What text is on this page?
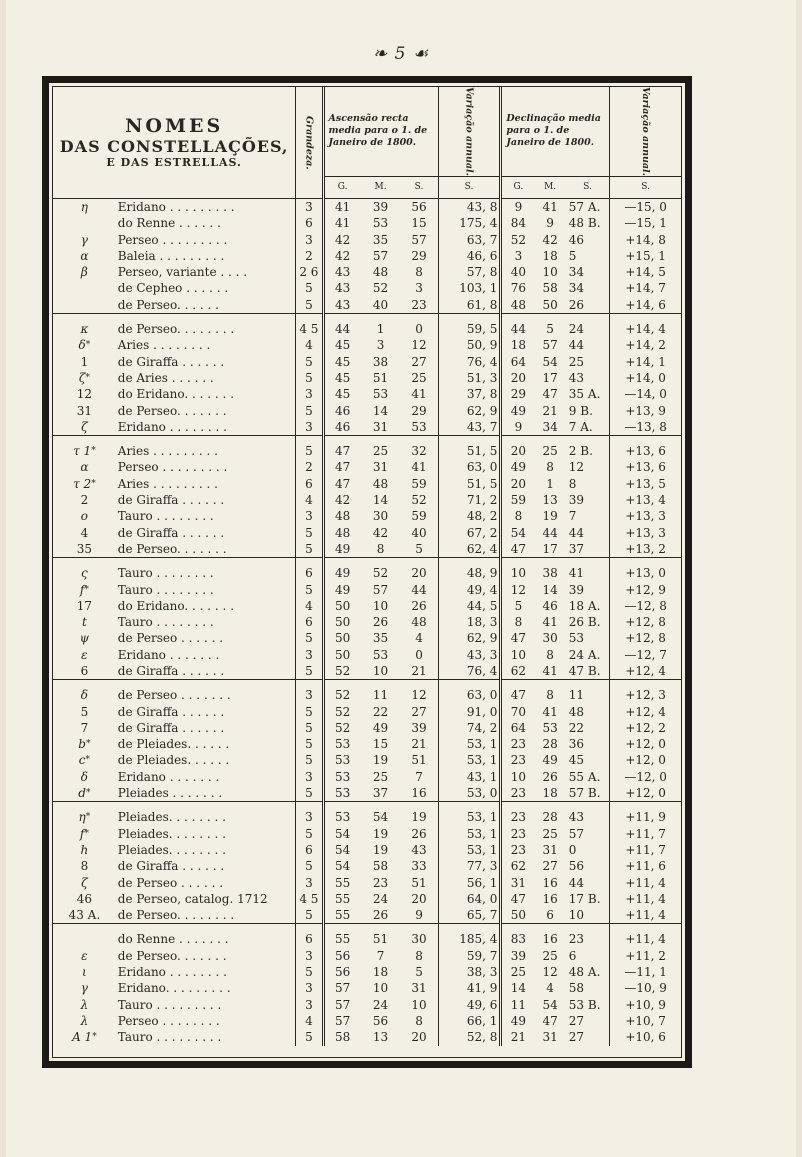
❧ 5 ☙
NOMES
DAS CONSTELLAÇÕES,
E DAS ESTRELLAS.		Grandeza.	Ascensão recta media para o 1. de Janeiro de 1800.			Variação annual.	Declinação media para o 1. de Janeiro de 1800.			Variação annual.

			G.	M.	S.	S.	G.	M.	S.	S.
η	Eridano . . . . . . . . .	3	41	39	56	43, 8	9	41	57 A.	—15, 0
	do Renne . . . . . .	6	41	53	15	175, 4	84	9	48 B.	—15, 1
γ	Perseo . . . . . . . . .	3	42	35	57	63, 7	52	42	46	+14, 8
α	Baleia . . . . . . . . .	2	42	57	29	46, 6	3	18	5	+15, 1
β	Perseo, variante . . . .	2 6	43	48	8	57, 8	40	10	34	+14, 5
	de Cepheo . . . . . .	5	43	52	3	103, 1	76	58	34	+14, 7
	de Perseo. . . . . .	5	43	40	23	61, 8	48	50	26	+14, 6

κ	de Perseo. . . . . . . .	4 5	44	1	0	59, 5	44	5	24	+14, 4
δ*	Aries . . . . . . . .	4	45	3	12	50, 9	18	57	44	+14, 2
1	de Giraffa . . . . . .	5	45	38	27	76, 4	64	54	25	+14, 1
ζ*	de Aries . . . . . .	5	45	51	25	51, 3	20	17	43	+14, 0
12	do Eridano. . . . . . .	3	45	53	41	37, 8	29	47	35 A.	—14, 0
31	de Perseo. . . . . . .	5	46	14	29	62, 9	49	21	9 B.	+13, 9
ζ	Eridano . . . . . . . .	3	46	31	53	43, 7	9	34	7 A.	—13, 8

τ 1*	Aries . . . . . . . . .	5	47	25	32	51, 5	20	25	2 B.	+13, 6
α	Perseo . . . . . . . . .	2	47	31	41	63, 0	49	8	12	+13, 6
τ 2*	Aries . . . . . . . . .	6	47	48	59	51, 5	20	1	8	+13, 5
2	de Giraffa . . . . . .	4	42	14	52	71, 2	59	13	39	+13, 4
ο	Tauro . . . . . . . .	3	48	30	59	48, 2	8	19	7	+13, 3
4	de Giraffa . . . . . .	5	48	42	40	67, 2	54	44	44	+13, 3
35	de Perseo. . . . . . .	5	49	8	5	62, 4	47	17	37	+13, 2

ς	Tauro . . . . . . . .	6	49	52	20	48, 9	10	38	41	+13, 0
f*	Tauro . . . . . . . .	5	49	57	44	49, 4	12	14	39	+12, 9
17	do Eridano. . . . . . .	4	50	10	26	44, 5	5	46	18 A.	—12, 8
t	Tauro . . . . . . . .	6	50	26	48	18, 3	8	41	26 B.	+12, 8
ψ	de Perseo . . . . . .	5	50	35	4	62, 9	47	30	53	+12, 8
ε	Eridano . . . . . . .	3	50	53	0	43, 3	10	8	24 A.	—12, 7
6	de Giraffa . . . . . .	5	52	10	21	76, 4	62	41	47 B.	+12, 4

δ	de Perseo . . . . . . .	3	52	11	12	63, 0	47	8	11	+12, 3
5	de Giraffa . . . . . .	5	52	22	27	91, 0	70	41	48	+12, 4
7	de Giraffa . . . . . .	5	52	49	39	74, 2	64	53	22	+12, 2
b*	de Pleiades. . . . . .	5	53	15	21	53, 1	23	28	36	+12, 0
c*	de Pleiades. . . . . .	5	53	19	51	53, 1	23	49	45	+12, 0
δ	Eridano . . . . . . .	3	53	25	7	43, 1	10	26	55 A.	—12, 0
d*	Pleiades . . . . . . .	5	53	37	16	53, 0	23	18	57 B.	+12, 0

η*	Pleiades. . . . . . . .	3	53	54	19	53, 1	23	28	43	+11, 9
f*	Pleiades. . . . . . . .	5	54	19	26	53, 1	23	25	57	+11, 7
h	Pleiades. . . . . . . .	6	54	19	43	53, 1	23	31	0	+11, 7
8	de Giraffa . . . . . .	5	54	58	33	77, 3	62	27	56	+11, 6
ζ	de Perseo . . . . . .	3	55	23	51	56, 1	31	16	44	+11, 4
46	de Perseo, catalog. 1712	4 5	55	24	20	64, 0	47	16	17 B.	+11, 4
43 A.	de Perseo. . . . . . . .	5	55	26	9	65, 7	50	6	10	+11, 4

	do Renne . . . . . . .	6	55	51	30	185, 4	83	16	23	+11, 4
ε	de Perseo. . . . . . .	3	56	7	8	59, 7	39	25	6	+11, 2
ι	Eridano . . . . . . . .	5	56	18	5	38, 3	25	12	48 A.	—11, 1
γ	Eridano. . . . . . . . .	3	57	10	31	41, 9	14	4	58	—10, 9
λ	Tauro . . . . . . . . .	3	57	24	10	49, 6	11	54	53 B.	+10, 9
λ	Perseo . . . . . . . .	4	57	56	8	66, 1	49	47	27	+10, 7
A 1*	Tauro . . . . . . . . .	5	58	13	20	52, 8	21	31	27	+10, 6
